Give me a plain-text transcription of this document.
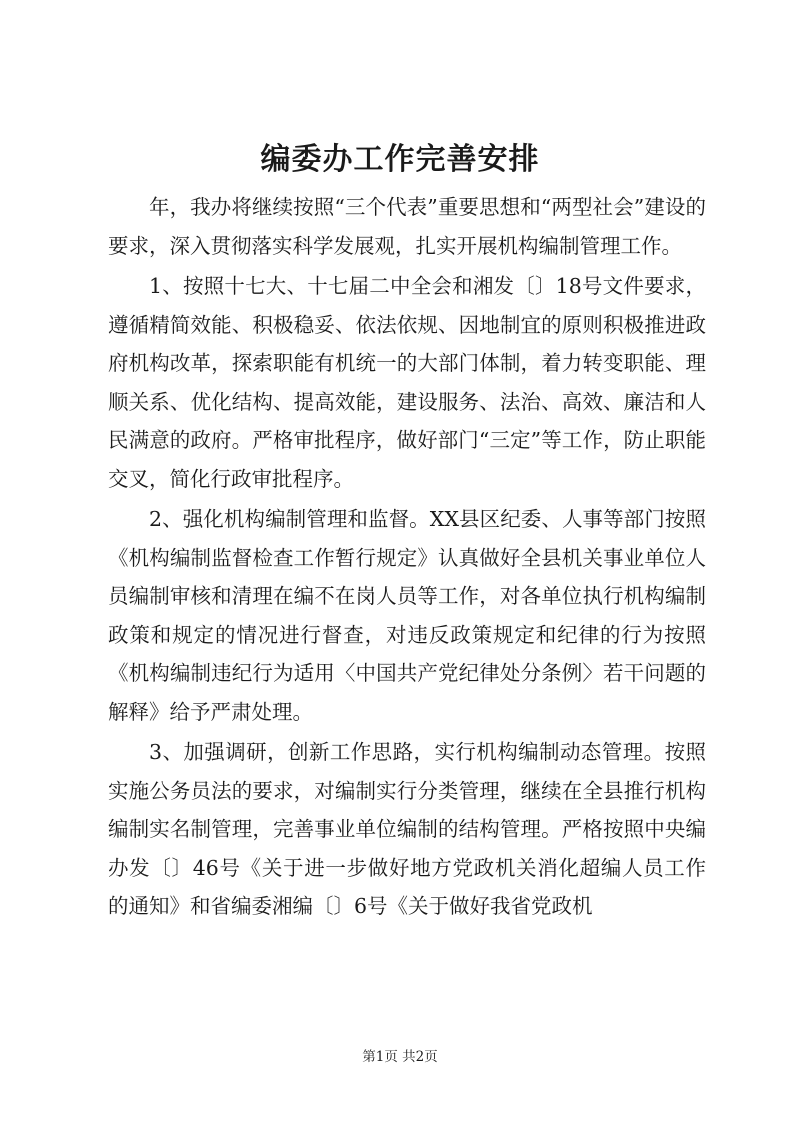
编委办工作完善安排

年，我办将继续按照“三个代表”重要思想和“两型社会”建设的要求，深入贯彻落实科学发展观，扎实开展机构编制管理工作。

1、按照十七大、十七届二中全会和湘发〔〕18号文件要求，遵循精简效能、积极稳妥、依法依规、因地制宜的原则积极推进政府机构改革，探索职能有机统一的大部门体制，着力转变职能、理顺关系、优化结构、提高效能，建设服务、法治、高效、廉洁和人民满意的政府。严格审批程序，做好部门“三定”等工作，防止职能交叉，简化行政审批程序。

2、强化机构编制管理和监督。XX县区纪委、人事等部门按照《机构编制监督检查工作暂行规定》认真做好全县机关事业单位人员编制审核和清理在编不在岗人员等工作，对各单位执行机构编制政策和规定的情况进行督查，对违反政策规定和纪律的行为按照《机构编制违纪行为适用〈中国共产党纪律处分条例〉若干问题的解释》给予严肃处理。

3、加强调研，创新工作思路，实行机构编制动态管理。按照实施公务员法的要求，对编制实行分类管理，继续在全县推行机构编制实名制管理，完善事业单位编制的结构管理。严格按照中央编办发〔〕46号《关于进一步做好地方党政机关消化超编人员工作的通知》和省编委湘编〔〕6号《关于做好我省党政机

第1页 共2页
